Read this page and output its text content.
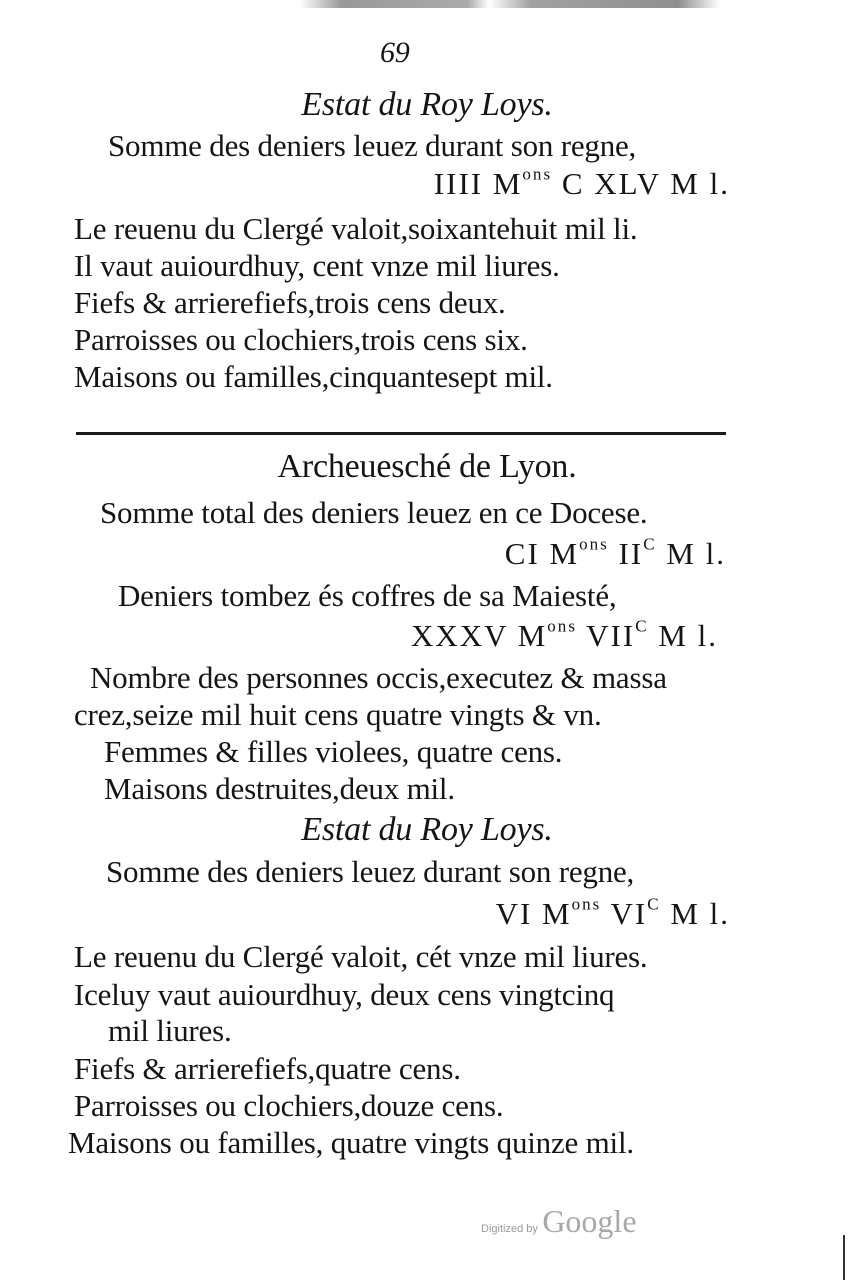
69
Estat du Roy Loys.
Somme des deniers leuez durant son regne,
IIII $M^{ons}$ C XLV M l.
Le reuenu du Clergé valoit,soixantehuit mil li.
Il vaut auiourdhuy, cent vnze mil liures.
Fiefs & arrierefiefs,trois cens deux.
Parroisses ou clochiers,trois cens six.
Maisons ou familles,cinquantesept mil.
Archeuesché de Lyon.
Somme total des deniers leuez en ce Docese.
CI $M^{ons}$ $II^C$ M l.
Deniers tombez és coffres de sa Maiesté,
XXXV $M^{ons}$ $VII^C$ M l.
Nombre des personnes occis,executez & massa
crez,seize mil huit cens quatre vingts & vn.
Femmes & filles violees, quatre cens.
Maisons destruites,deux mil.
Estat du Roy Loys.
Somme des deniers leuez durant son regne,
VI $M^{ons}$ $VI^C$ M l.
Le reuenu du Clergé valoit, cét vnze mil liures.
Iceluy vaut auiourdhuy, deux cens vingtcinq
mil liures.
Fiefs & arrierefiefs,quatre cens.
Parroisses ou clochiers,douze cens.
Maisons ou familles, quatre vingts quinze mil.
Digitized by Google
